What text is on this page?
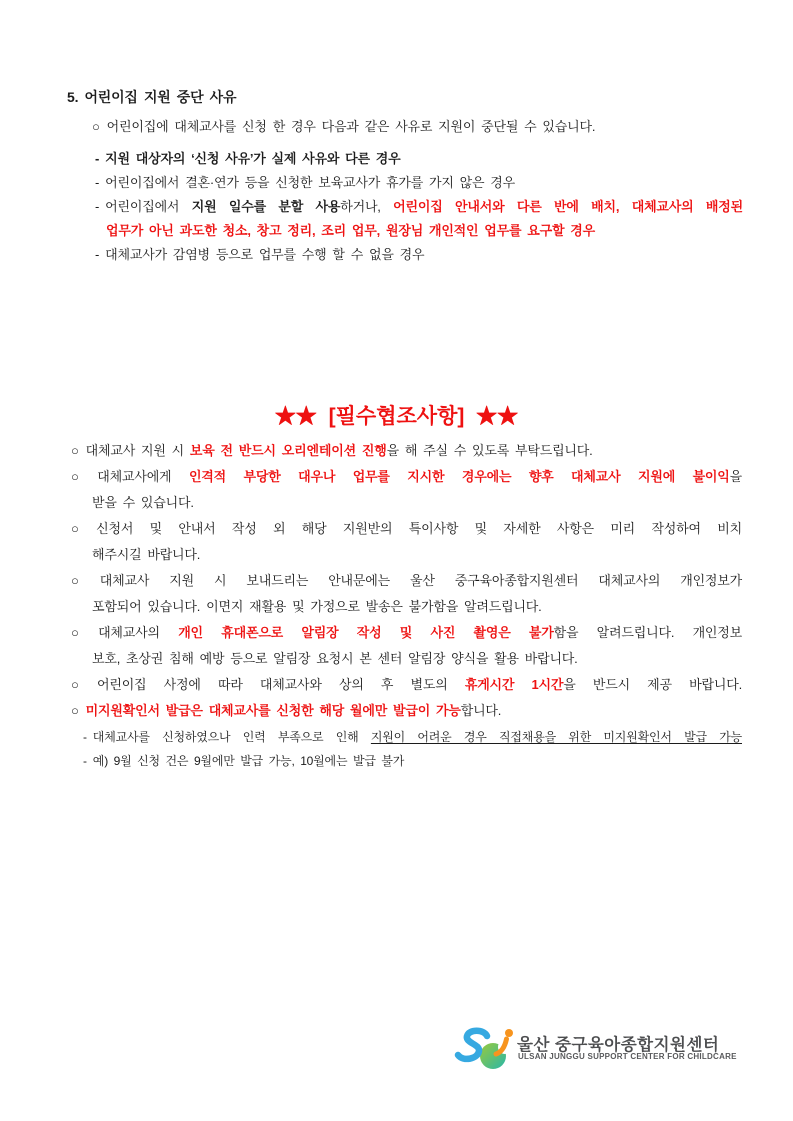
5. 어린이집 지원 중단 사유
○ 어린이집에 대체교사를 신청 한 경우 다음과 같은 사유로 지원이 중단될 수 있습니다.
- 지원 대상자의 ‘신청 사유’가 실제 사유와 다른 경우
- 어린이집에서 결혼·연가 등을 신청한 보육교사가 휴가를 가지 않은 경우
- 어린이집에서 지원 일수를 분할 사용하거나, 어린이집 안내서와 다른 반에 배치, 대체교사의 배정된
업무가 아닌 과도한 청소, 창고 정리, 조리 업무, 원장님 개인적인 업무를 요구할 경우
- 대체교사가 감염병 등으로 업무를 수행 할 수 없을 경우
★★ [필수협조사항] ★★
○ 대체교사 지원 시 보육 전 반드시 오리엔테이션 진행을 해 주실 수 있도록 부탁드립니다.
○ 대체교사에게 인격적 부당한 대우나 업무를 지시한 경우에는 향후 대체교사 지원에 불이익을
받을 수 있습니다.
○ 신청서 및 안내서 작성 외 해당 지원반의 특이사항 및 자세한 사항은 미리 작성하여 비치
해주시길 바랍니다.
○ 대체교사 지원 시 보내드리는 안내문에는 울산 중구육아종합지원센터 대체교사의 개인정보가
포함되어 있습니다. 이면지 재활용 및 가정으로 발송은 불가함을 알려드립니다.
○ 대체교사의 개인 휴대폰으로 알림장 작성 및 사진 촬영은 불가함을 알려드립니다. 개인정보
보호, 초상권 침해 예방 등으로 알림장 요청시 본 센터 알림장 양식을 활용 바랍니다.
○ 어린이집 사정에 따라 대체교사와 상의 후 별도의 휴게시간 1시간을 반드시 제공 바랍니다.
○ 미지원확인서 발급은 대체교사를 신청한 해당 월에만 발급이 가능합니다.
- 대체교사를 신청하였으나 인력 부족으로 인해 지원이 어려운 경우 직접채용을 위한 미지원확인서 발급 가능
- 예) 9월 신청 건은 9월에만 발급 가능, 10월에는 발급 불가
울산 중구육아종합지원센터
ULSAN JUNGGU SUPPORT CENTER FOR CHILDCARE
